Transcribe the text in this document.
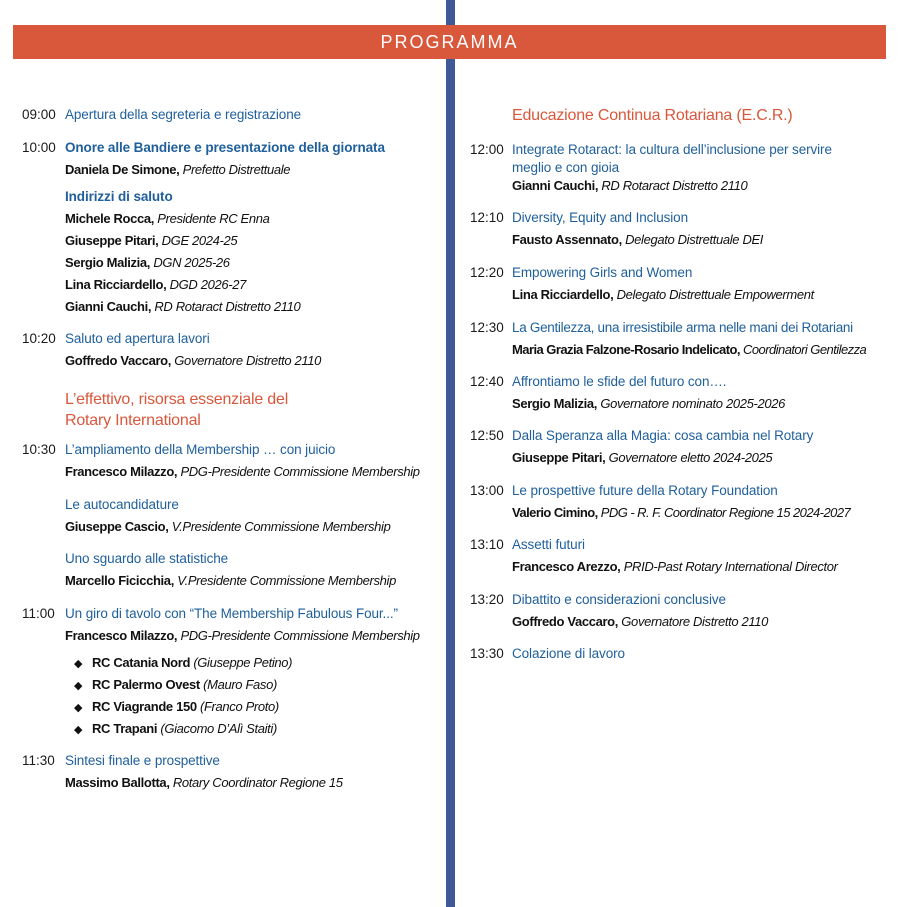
PROGRAMMA
09:00 Apertura della segreteria e registrazione
10:00 Onore alle Bandiere e presentazione della giornata
Daniela De Simone, Prefetto Distrettuale
Indirizzi di saluto
Michele Rocca, Presidente RC Enna
Giuseppe Pitari, DGE 2024-25
Sergio Malizia, DGN 2025-26
Lina Ricciardello, DGD 2026-27
Gianni Cauchi, RD Rotaract Distretto 2110
10:20 Saluto ed apertura lavori
Goffredo Vaccaro, Governatore Distretto 2110
L’effettivo, risorsa essenziale del
Rotary International
10:30 L’ampliamento della Membership … con juicio
Francesco Milazzo, PDG-Presidente Commissione Membership
Le autocandidature
Giuseppe Cascio, V.Presidente Commissione Membership
Uno sguardo alle statistiche
Marcello Ficicchia, V.Presidente Commissione Membership
11:00 Un giro di tavolo con “The Membership Fabulous Four...”
Francesco Milazzo, PDG-Presidente Commissione Membership
◆ RC Catania Nord (Giuseppe Petino)
◆ RC Palermo Ovest (Mauro Faso)
◆ RC Viagrande 150 (Franco Proto)
◆ RC Trapani (Giacomo D’Alì Staiti)
11:30 Sintesi finale e prospettive
Massimo Ballotta, Rotary Coordinator Regione 15
Educazione Continua Rotariana (E.C.R.)
12:00 Integrate Rotaract: la cultura dell’inclusione per servire
meglio e con gioia
Gianni Cauchi, RD Rotaract Distretto 2110
12:10 Diversity, Equity and Inclusion
Fausto Assennato, Delegato Distrettuale DEI
12:20 Empowering Girls and Women
Lina Ricciardello, Delegato Distrettuale Empowerment
12:30 La Gentilezza, una irresistibile arma nelle mani dei Rotariani
Maria Grazia Falzone-Rosario Indelicato, Coordinatori Gentilezza
12:40 Affrontiamo le sfide del futuro con….
Sergio Malizia, Governatore nominato 2025-2026
12:50 Dalla Speranza alla Magia: cosa cambia nel Rotary
Giuseppe Pitari, Governatore eletto 2024-2025
13:00 Le prospettive future della Rotary Foundation
Valerio Cimino, PDG - R. F. Coordinator Regione 15 2024-2027
13:10 Assetti futuri
Francesco Arezzo, PRID-Past Rotary International Director
13:20 Dibattito e considerazioni conclusive
Goffredo Vaccaro, Governatore Distretto 2110
13:30 Colazione di lavoro
